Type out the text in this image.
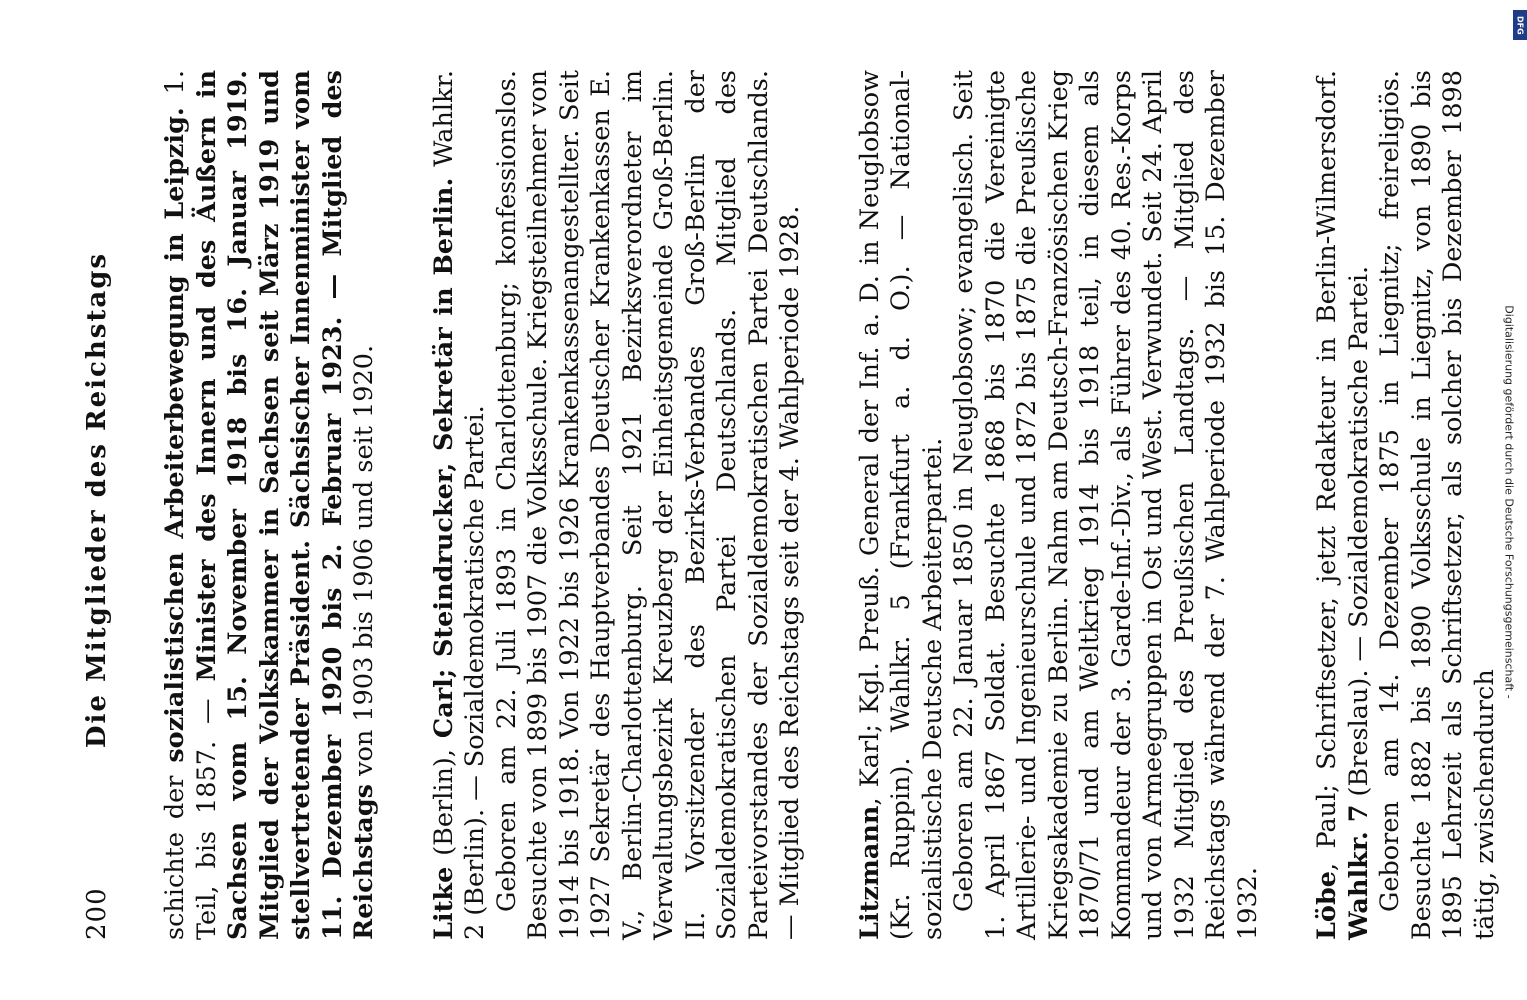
200
Die Mitglieder des Reichstags

schichte der sozialistischen Arbeiterbewegung in Leipzig. 1. Teil, bis 1857. — Minister des Innern und des Äußern in Sachsen vom 15. November 1918 bis 16. Januar 1919. Mitglied der Volkskammer in Sachsen seit März 1919 und stellvertretender Präsident. Sächsischer Innenminister vom 11. Dezember 1920 bis 2. Februar 1923. — Mitglied des Reichstags von 1903 bis 1906 und seit 1920.

Litke (Berlin), Carl; Steindrucker, Sekretär in Berlin. Wahlkr. 2 (Berlin). — Sozialdemokratische Partei. Geboren am 22. Juli 1893 in Charlottenburg; konfessionslos. Besuchte von 1899 bis 1907 die Volksschule. Kriegsteilnehmer von 1914 bis 1918. Von 1922 bis 1926 Krankenkassenangestellter. Seit 1927 Sekretär des Hauptverbandes Deutscher Krankenkassen E. V., Berlin-Charlottenburg. Seit 1921 Bezirksverordneter im Verwaltungsbezirk Kreuzberg der Einheitsgemeinde Groß-Berlin. II. Vorsitzender des Bezirks-Verbandes Groß-Berlin der Sozialdemokratischen Partei Deutschlands. Mitglied des Parteivorstandes der Sozialdemokratischen Partei Deutschlands. — Mitglied des Reichstags seit der 4. Wahlperiode 1928. Litzmann, Karl; Kgl. Preuß. General der Inf. a. D. in Neuglobsow (Kr. Ruppin). Wahlkr. 5 (Frankfurt a. d. O.). — National-sozialistische Deutsche Arbeiterpartei. Geboren am 22. Januar 1850 in Neuglobsow; evangelisch. Seit 1. April 1867 Soldat. Besuchte 1868 bis 1870 die Vereinigte Artillerie- und Ingenieurschule und 1872 bis 1875 die Preußische Kriegsakademie zu Berlin. Nahm am Deutsch-Französischen Krieg 1870/71 und am Weltkrieg 1914 bis 1918 teil, in diesem als Kommandeur der 3. Garde-Inf.-Div., als Führer des 40. Res.-Korps und von Armeegruppen in Ost und West. Verwundet. Seit 24. April 1932 Mitglied des Preußischen Landtags. — Mitglied des Reichstags während der 7. Wahlperiode 1932 bis 15. Dezember 1932. Löbe, Paul; Schriftsetzer, jetzt Redakteur in Berlin-Wilmersdorf. Wahlkr. 7 (Breslau). — Sozialdemokratische Partei. Geboren am 14. Dezember 1875 in Liegnitz; freireligiös. Besuchte 1882 bis 1890 Volksschule in Liegnitz, von 1890 bis 1895 Lehrzeit als Schriftsetzer, als solcher bis Dezember 1898 tätig, zwischendurch

Digitalisierung gefördert durch die Deutsche Forschungsgemeinschaft -
DFG
